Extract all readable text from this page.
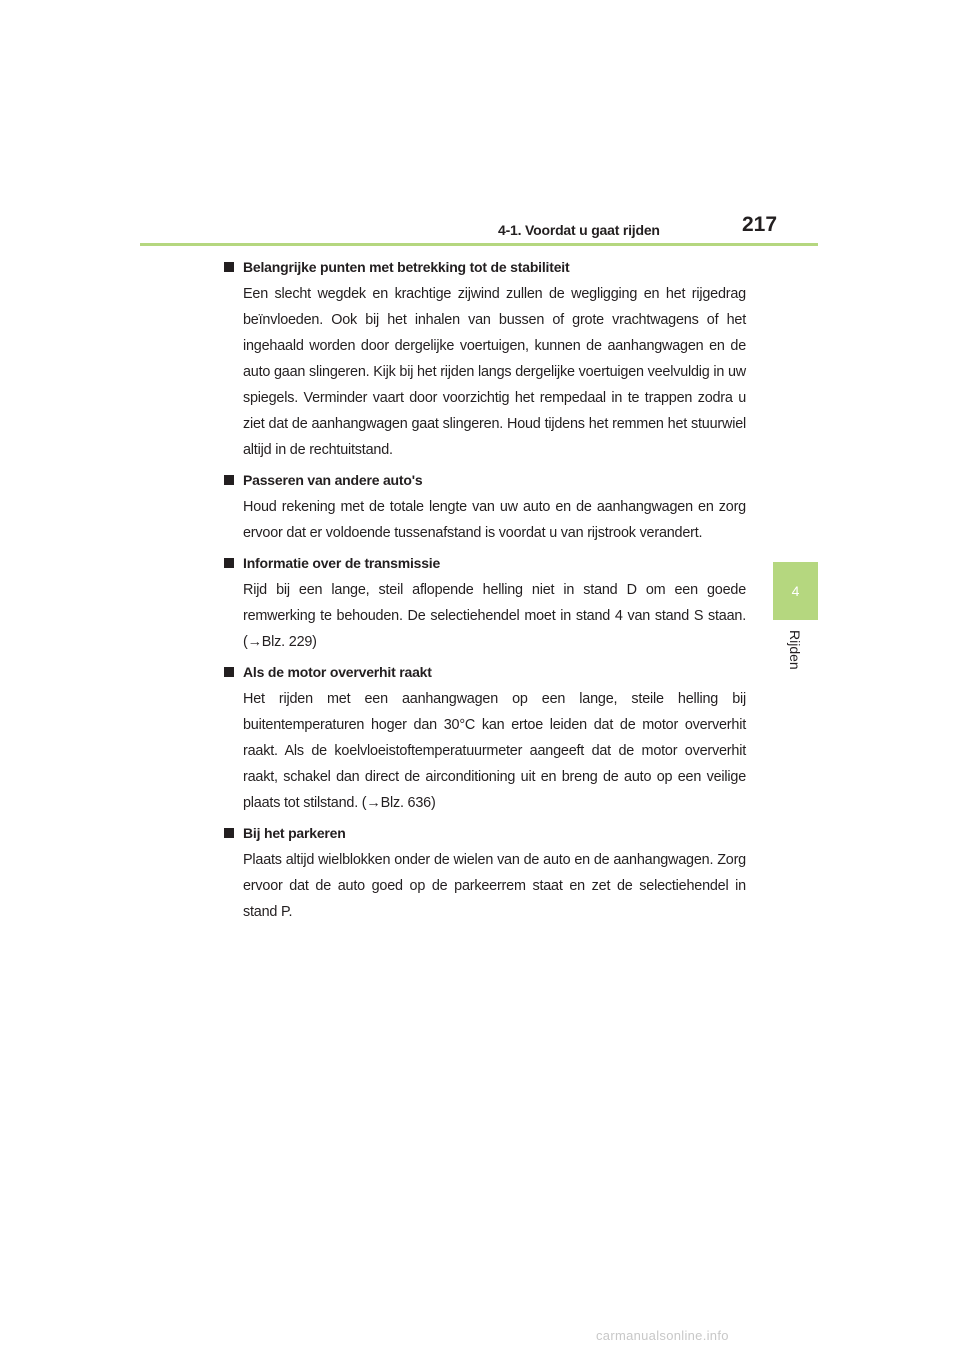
4-1. Voordat u gaat rijden	217
4
Rijden
Belangrijke punten met betrekking tot de stabiliteit
Een slecht wegdek en krachtige zijwind zullen de wegligging en het rijgedrag beïnvloeden. Ook bij het inhalen van bussen of grote vrachtwagens of het ingehaald worden door dergelijke voertuigen, kunnen de aanhangwagen en de auto gaan slingeren. Kijk bij het rijden langs dergelijke voertuigen veelvuldig in uw spiegels. Verminder vaart door voorzichtig het rempedaal in te trappen zodra u ziet dat de aanhangwagen gaat slingeren. Houd tijdens het remmen het stuurwiel altijd in de rechtuitstand.
Passeren van andere auto's
Houd rekening met de totale lengte van uw auto en de aanhangwagen en zorg ervoor dat er voldoende tussenafstand is voordat u van rijstrook verandert.
Informatie over de transmissie
Rijd bij een lange, steil aflopende helling niet in stand D om een goede remwerking te behouden. De selectiehendel moet in stand 4 van stand S staan. (→Blz. 229)
Als de motor oververhit raakt
Het rijden met een aanhangwagen op een lange, steile helling bij buitentemperaturen hoger dan 30°C kan ertoe leiden dat de motor oververhit raakt. Als de koelvloeistoftemperatuurmeter aangeeft dat de motor oververhit raakt, schakel dan direct de airconditioning uit en breng de auto op een veilige plaats tot stilstand. (→Blz. 636)
Bij het parkeren
Plaats altijd wielblokken onder de wielen van de auto en de aanhangwagen. Zorg ervoor dat de auto goed op de parkeerrem staat en zet de selectiehendel in stand P.
carmanualsonline.info
